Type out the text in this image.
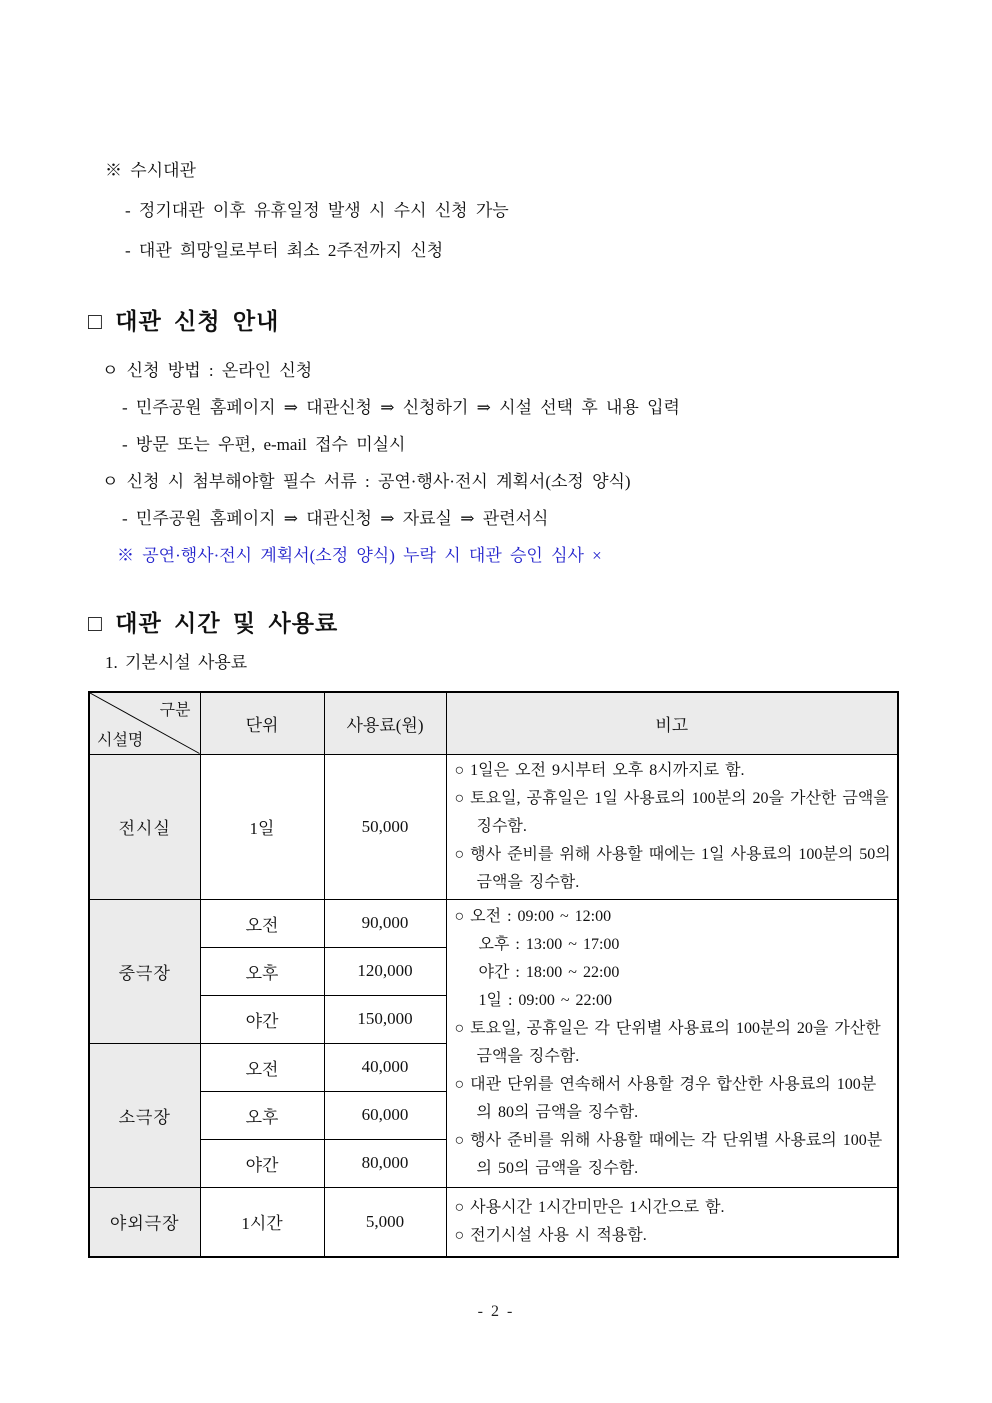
※ 수시대관
- 정기대관 이후 유휴일정 발생 시 수시 신청 가능
- 대관 희망일로부터 최소 2주전까지 신청
□ 대관 신청 안내
ㅇ 신청 방법 : 온라인 신청
- 민주공원 홈페이지 ⇒ 대관신청 ⇒ 신청하기 ⇒ 시설 선택 후 내용 입력
- 방문 또는 우편, e-mail 접수 미실시
ㅇ 신청 시 첨부해야할 필수 서류 : 공연·행사·전시 계획서(소정 양식)
- 민주공원 홈페이지 ⇒ 대관신청 ⇒ 자료실 ⇒ 관련서식
※ 공연·행사·전시 계획서(소정 양식) 누락 시 대관 승인 심사 ×
□ 대관 시간 및 사용료
1. 기본시설 사용료
구분
시설명	단위	사용료(원)	비고
전시실	1일	50,000	○ 1일은 오전 9시부터 오후 8시까지로 함.
○ 토요일, 공휴일은 1일 사용료의 100분의 20을 가산한 금액을 징수함.
○ 행사 준비를 위해 사용할 때에는 1일 사용료의 100분의 50의 금액을 징수함.

중극장	오전	90,000	○ 오전 : 09:00 ~ 12:00
오후 : 13:00 ~ 17:00
야간 : 18:00 ~ 22:00
1일 : 09:00 ~ 22:00
○ 토요일, 공휴일은 각 단위별 사용료의 100분의 20을 가산한 금액을 징수함.
○ 대관 단위를 연속해서 사용할 경우 합산한 사용료의 100분의 80의 금액을 징수함.
○ 행사 준비를 위해 사용할 때에는 각 단위별 사용료의 100분의 50의 금액을 징수함.

	오후	120,000	
	야간	150,000	
소극장	오전	40,000	
	오후	60,000	
	야간	80,000	
야외극장	1시간	5,000	○ 사용시간 1시간미만은 1시간으로 함.
○ 전기시설 사용 시 적용함.
- 2 -
